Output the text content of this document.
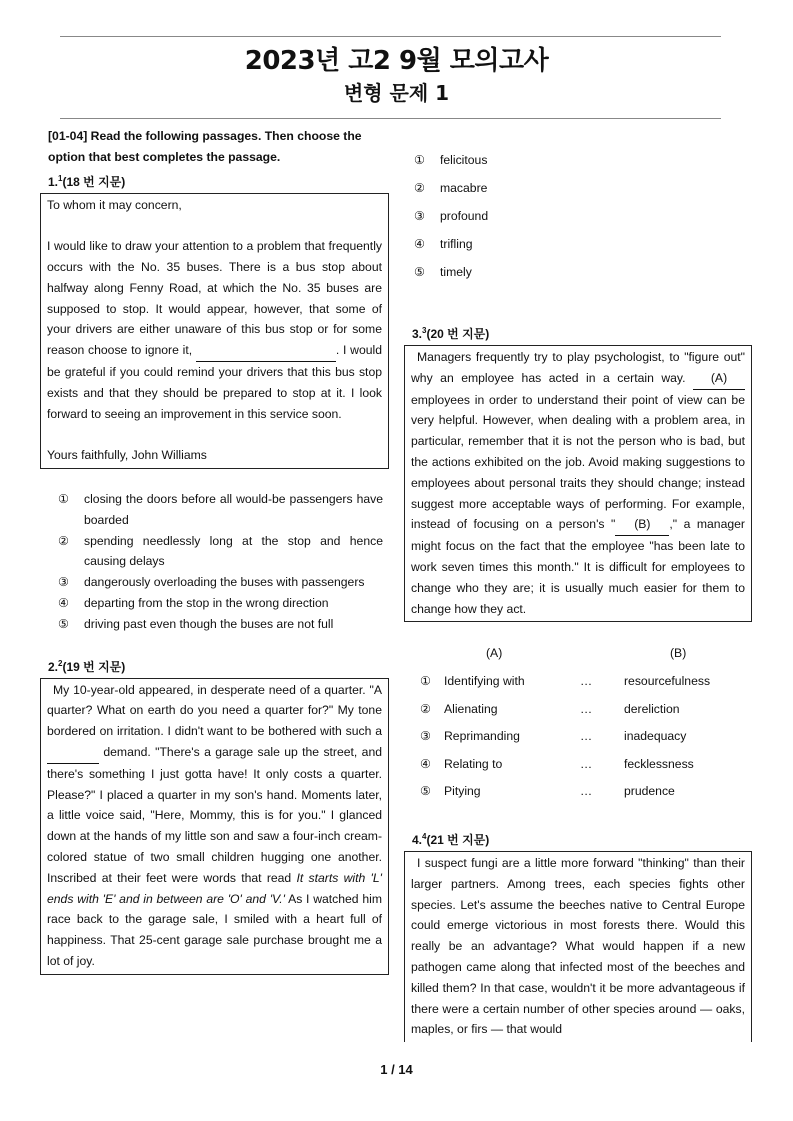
2023년 고2 9월 모의고사
변형 문제 1
[01-04] Read the following passages. Then choose the option that best completes the passage.
1.$^1$(18 번 지문)
To whom it may concern,
I would like to draw your attention to a problem that frequently occurs with the No. 35 buses. There is a bus stop about halfway along Fenny Road, at which the No. 35 buses are supposed to stop. It would appear, however, that some of your drivers are either unaware of this bus stop or for some reason choose to ignore it,	. I would be grateful if you could remind your drivers that this bus stop exists and that they should be prepared to stop at it. I look forward to seeing an improvement in this service soon.
Yours faithfully, John Williams
① closing the doors before all would-be passengers have boarded
② spending needlessly long at the stop and hence causing delays
③ dangerously overloading the buses with passengers
④ departing from the stop in the wrong direction
⑤ driving past even though the buses are not full
2.$^2$(19 번 지문)
My 10-year-old appeared, in desperate need of a quarter. "A quarter? What on earth do you need a quarter for?" My tone bordered on irritation. I didn't want to be bothered with such a   demand. "There's a garage sale up the street, and there's something I just gotta have! It only costs a quarter. Please?" I placed a quarter in my son's hand. Moments later, a little voice said, "Here, Mommy, this is for you." I glanced down at the hands of my little son and saw a four-inch cream-colored statue of two small children hugging one another. Inscribed at their feet were words that read It starts with 'L' ends with 'E' and in between are 'O' and 'V.' As I watched him race back to the garage sale, I smiled with a heart full of happiness. That 25-cent garage sale purchase brought me a lot of joy.
① felicitous
② macabre
③ profound
④ trifling
⑤ timely
3.$^3$(20 번 지문)
Managers frequently try to play psychologist, to "figure out" why an employee has acted in a certain way. (A) employees in order to understand their point of view can be very helpful. However, when dealing with a problem area, in particular, remember that it is not the person who is bad, but the actions exhibited on the job. Avoid making suggestions to employees about personal traits they should change; instead suggest more acceptable ways of performing. For example, instead of focusing on a person's " (B) ," a manager might focus on the fact that the employee "has been late to work seven times this month." It is difficult for employees to change who they are; it is usually much easier for them to change how they act.
(A)	(B)
① Identifying with	…	resourcefulness
② Alienating	…	dereliction
③ Reprimanding	…	inadequacy
④ Relating to	…	fecklessness
⑤ Pitying	…	prudence
4.$^4$(21 번 지문)
I suspect fungi are a little more forward "thinking" than their larger partners. Among trees, each species fights other species. Let's assume the beeches native to Central Europe could emerge victorious in most forests there. Would this really be an advantage? What would happen if a new pathogen came along that infected most of the beeches and killed them? In that case, wouldn't it be more advantageous if there were a certain number of other species around — oaks, maples, or firs — that would
1 / 14
